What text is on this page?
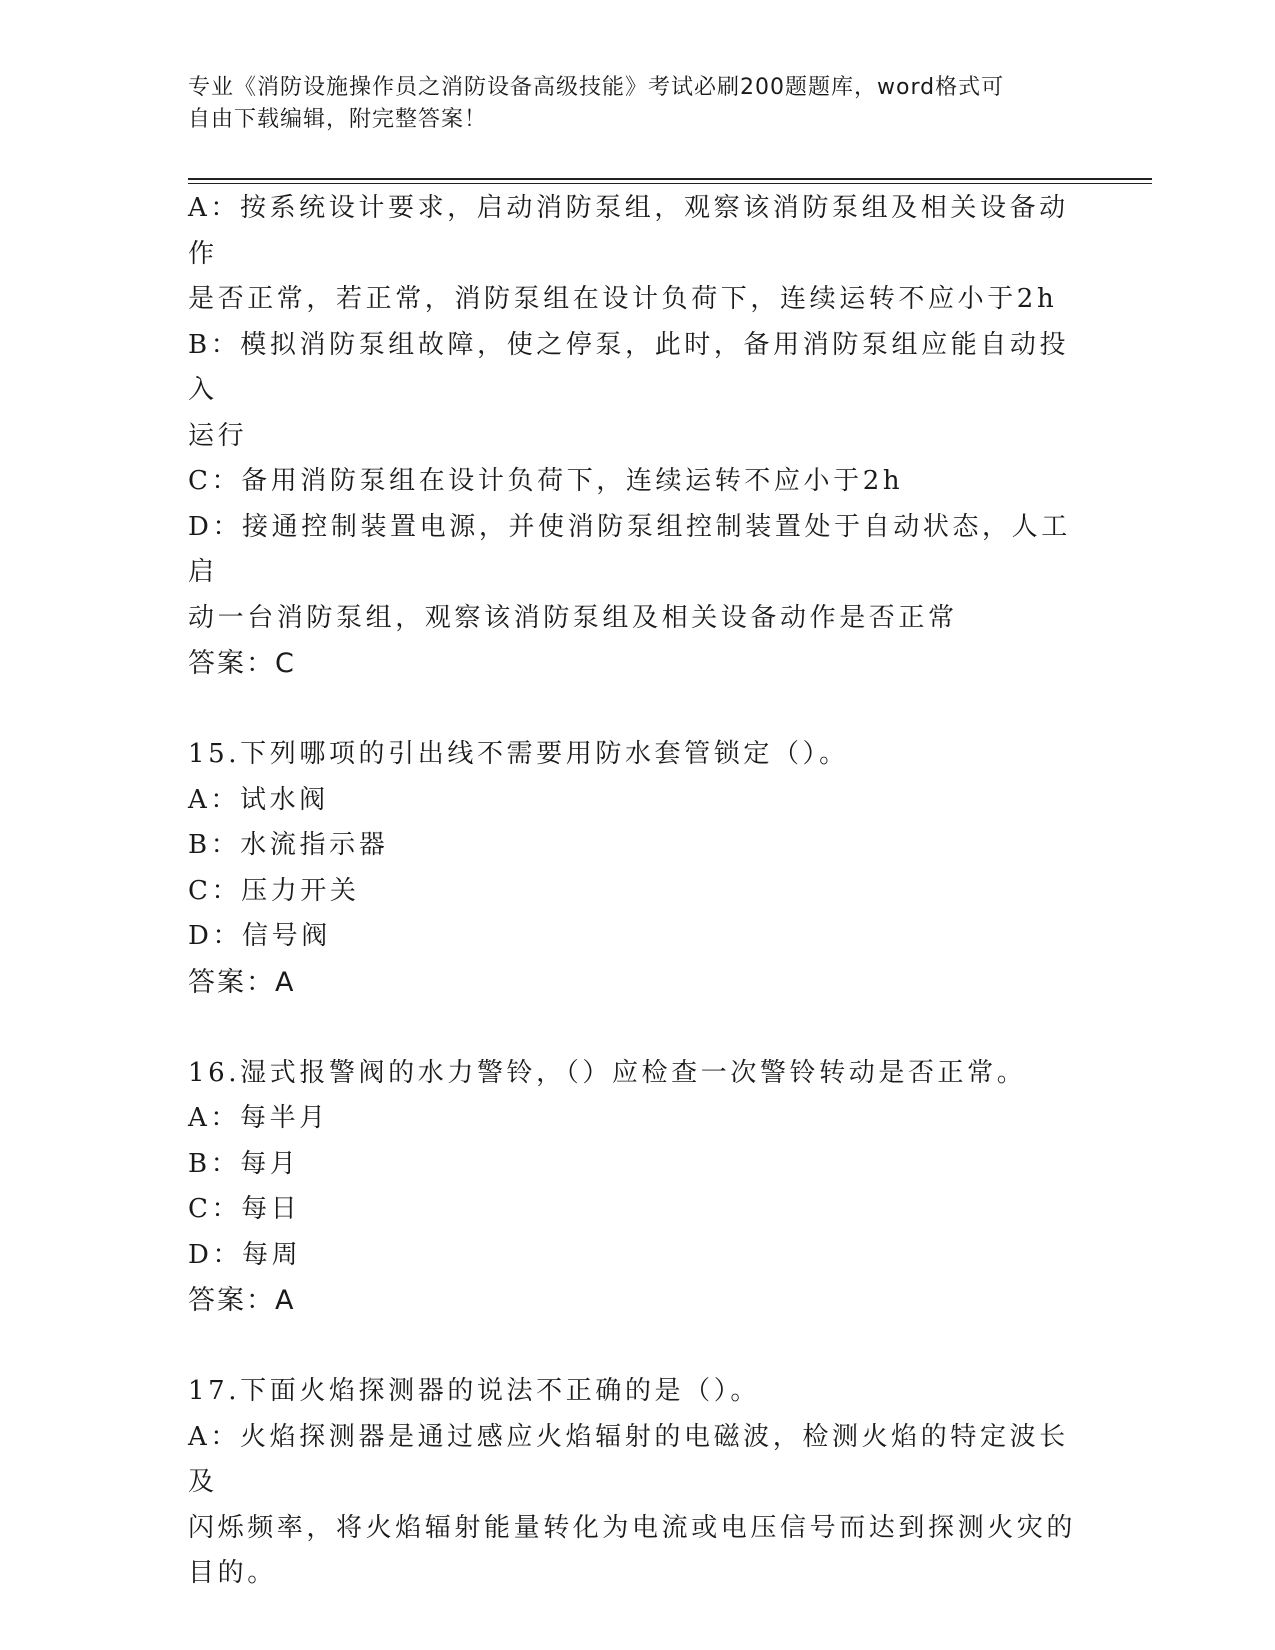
专业《消防设施操作员之消防设备高级技能》考试必刷200题题库，word格式可
自由下载编辑，附完整答案！

A：按系统设计要求，启动消防泵组，观察该消防泵组及相关设备动作

是否正常，若正常，消防泵组在设计负荷下，连续运转不应小于2h

B：模拟消防泵组故障，使之停泵，此时，备用消防泵组应能自动投入

运行

C：备用消防泵组在设计负荷下，连续运转不应小于2h

D：接通控制装置电源，并使消防泵组控制装置处于自动状态，人工启

动一台消防泵组，观察该消防泵组及相关设备动作是否正常

答案：C

15.下列哪项的引出线不需要用防水套管锁定（）。

A：试水阀

B：水流指示器

C：压力开关

D：信号阀

答案：A

16.湿式报警阀的水力警铃，（）应检查一次警铃转动是否正常。

A：每半月

B：每月

C：每日

D：每周

答案：A

17.下面火焰探测器的说法不正确的是（）。

A：火焰探测器是通过感应火焰辐射的电磁波，检测火焰的特定波长及

闪烁频率，将火焰辐射能量转化为电流或电压信号而达到探测火灾的

目的。
